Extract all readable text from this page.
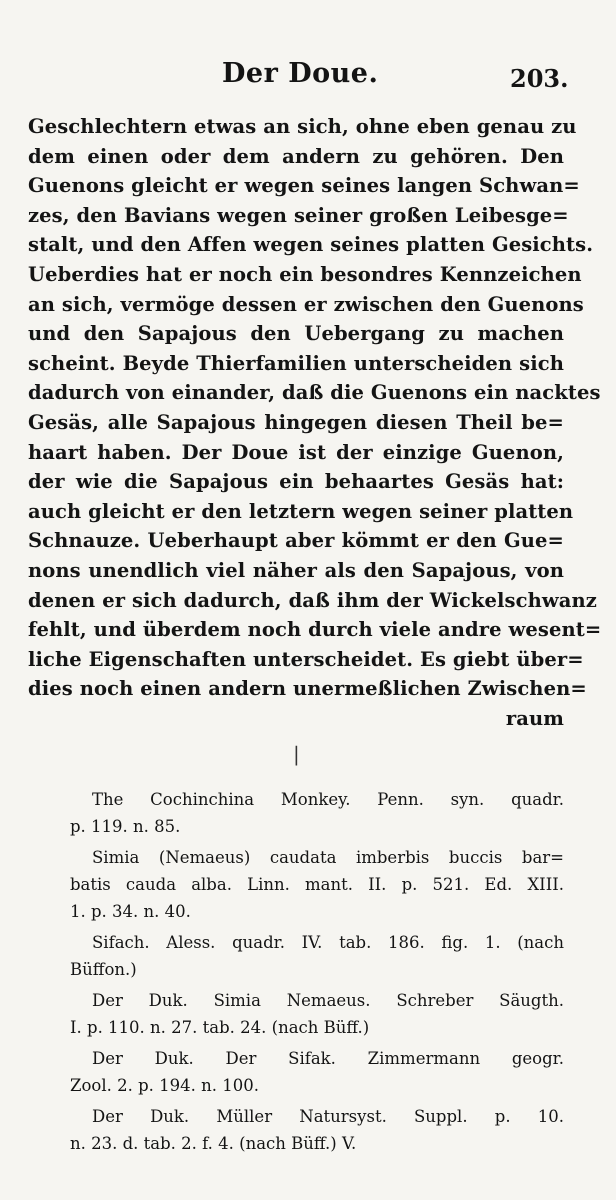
Der Doue.	203.
Geschlechtern etwas an sich, ohne eben genau zu
dem einen oder dem andern zu gehören. Den
Guenons gleicht er wegen seines langen Schwan=
zes, den Bavians wegen seiner großen Leibesge=
stalt, und den Affen wegen seines platten Gesichts.
Ueberdies hat er noch ein besondres Kennzeichen
an sich, vermöge dessen er zwischen den Guenons
und den Sapajous den Uebergang zu machen
scheint. Beyde Thierfamilien unterscheiden sich
dadurch von einander, daß die Guenons ein nacktes
Gesäs, alle Sapajous hingegen diesen Theil be=
haart haben. Der Doue ist der einzige Guenon,
der wie die Sapajous ein behaartes Gesäs hat:
auch gleicht er den letztern wegen seiner platten
Schnauze. Ueberhaupt aber kömmt er den Gue=
nons unendlich viel näher als den Sapajous, von
denen er sich dadurch, daß ihm der Wickelschwanz
fehlt, und überdem noch durch viele andre wesent=
liche Eigenschaften unterscheidet. Es giebt über=
dies noch einen andern unermeßlichen Zwischen=
raum
|
The Cochinchina Monkey. Penn. syn. quadr.
p. 119. n. 85.
Simia (Nemaeus) caudata imberbis buccis bar=
batis cauda alba. Linn. mant. II. p. 521. Ed. XIII.
1. p. 34. n. 40.
Sifach. Aless. quadr. IV. tab. 186. fig. 1. (nach
Büffon.)
Der Duk. Simia Nemaeus. Schreber Säugth.
I. p. 110. n. 27. tab. 24. (nach Büff.)
Der Duk. Der Sifak. Zimmermann geogr.
Zool. 2. p. 194. n. 100.
Der Duk. Müller Natursyst. Suppl. p. 10.
n. 23. d. tab. 2. f. 4. (nach Büff.) V.
